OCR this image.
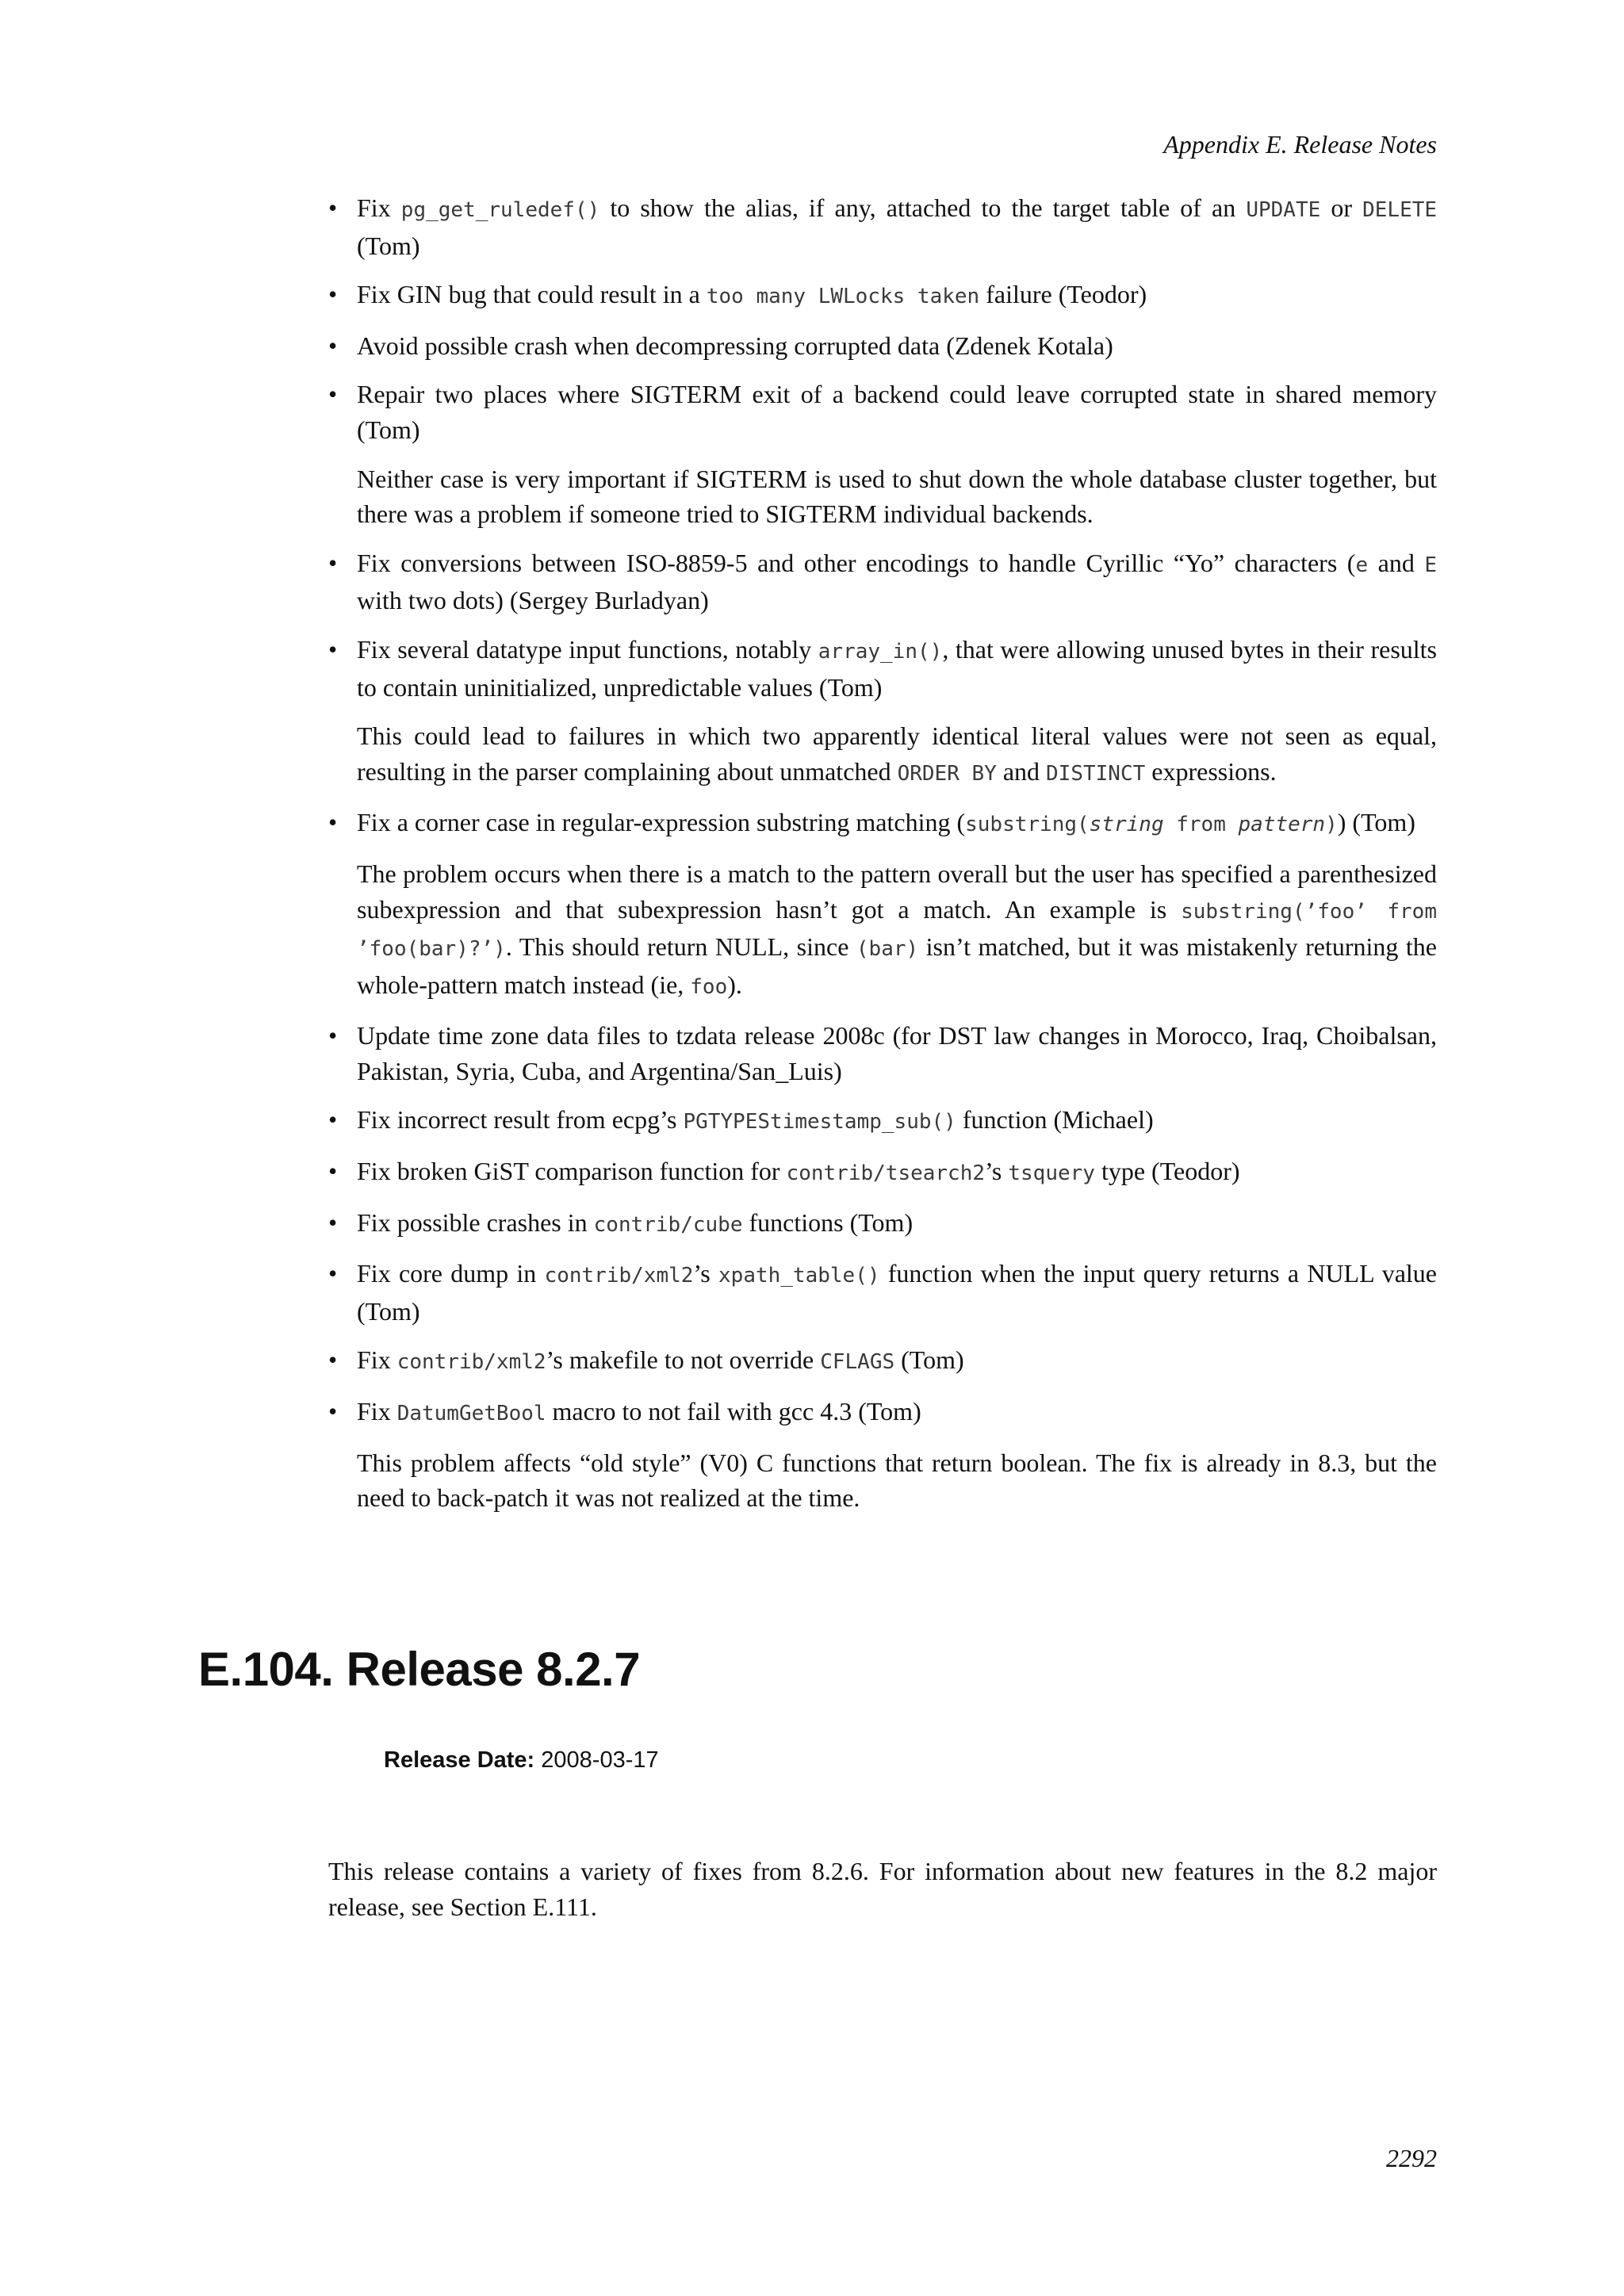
Appendix E. Release Notes

• Fix pg_get_ruledef() to show the alias, if any, attached to the target table of an UPDATE or DELETE (Tom)

• Fix GIN bug that could result in a too many LWLocks taken failure (Teodor)

• Avoid possible crash when decompressing corrupted data (Zdenek Kotala)

• Repair two places where SIGTERM exit of a backend could leave corrupted state in shared memory (Tom)

Neither case is very important if SIGTERM is used to shut down the whole database cluster together, but there was a problem if someone tried to SIGTERM individual backends.

• Fix conversions between ISO-8859-5 and other encodings to handle Cyrillic “Yo” characters (e and E with two dots) (Sergey Burladyan)

• Fix several datatype input functions, notably array_in(), that were allowing unused bytes in their results to contain uninitialized, unpredictable values (Tom)

This could lead to failures in which two apparently identical literal values were not seen as equal, resulting in the parser complaining about unmatched ORDER BY and DISTINCT expressions.

• Fix a corner case in regular-expression substring matching (substring(string from pattern)) (Tom)

The problem occurs when there is a match to the pattern overall but the user has specified a parenthesized subexpression and that subexpression hasn’t got a match. An example is substring(’foo’ from ’foo(bar)?’). This should return NULL, since (bar) isn’t matched, but it was mistakenly returning the whole-pattern match instead (ie, foo).

• Update time zone data files to tzdata release 2008c (for DST law changes in Morocco, Iraq, Choibalsan, Pakistan, Syria, Cuba, and Argentina/San_Luis)

• Fix incorrect result from ecpg’s PGTYPEStimestamp_sub() function (Michael)

• Fix broken GiST comparison function for contrib/tsearch2’s tsquery type (Teodor)

• Fix possible crashes in contrib/cube functions (Tom)

• Fix core dump in contrib/xml2’s xpath_table() function when the input query returns a NULL value (Tom)

• Fix contrib/xml2’s makefile to not override CFLAGS (Tom)

• Fix DatumGetBool macro to not fail with gcc 4.3 (Tom)

This problem affects “old style” (V0) C functions that return boolean. The fix is already in 8.3, but the need to back-patch it was not realized at the time.

E.104. Release 8.2.7
Release Date: 2008-03-17

This release contains a variety of fixes from 8.2.6. For information about new features in the 8.2 major release, see Section E.111.

2292
